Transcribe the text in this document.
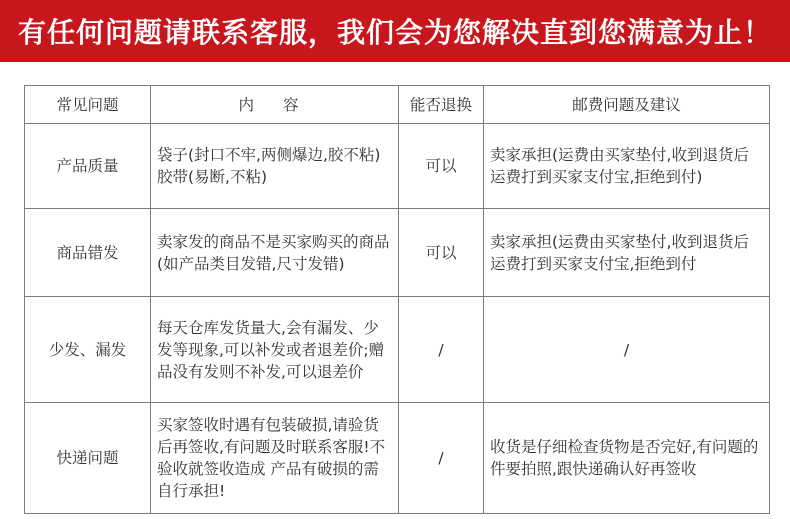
有任何问题请联系客服，我们会为您解决直到您满意为止！
常见问题	内 容	能否退换	邮费问题及建议
产品质量	袋子(封口不牢,两侧爆边,胶不粘) 胶带(易断,不粘)	可以	卖家承担(运费由买家垫付,收到退货后运费打到买家支付宝,拒绝到付)
商品错发	卖家发的商品不是买家购买的商品(如产品类目发错,尺寸发错)	可以	卖家承担(运费由买家垫付,收到退货后运费打到买家支付宝,拒绝到付
少发、漏发	每天仓库发货量大,会有漏发、少发等现象,可以补发或者退差价;赠品没有发则不补发,可以退差价	/	/
快递问题	买家签收时遇有包装破损,请验货后再签收,有问题及时联系客服!不验收就签收造成 产品有破损的需自行承担!	/	收货是仔细检查货物是否完好,有问题的件要拍照,跟快递确认好再签收
